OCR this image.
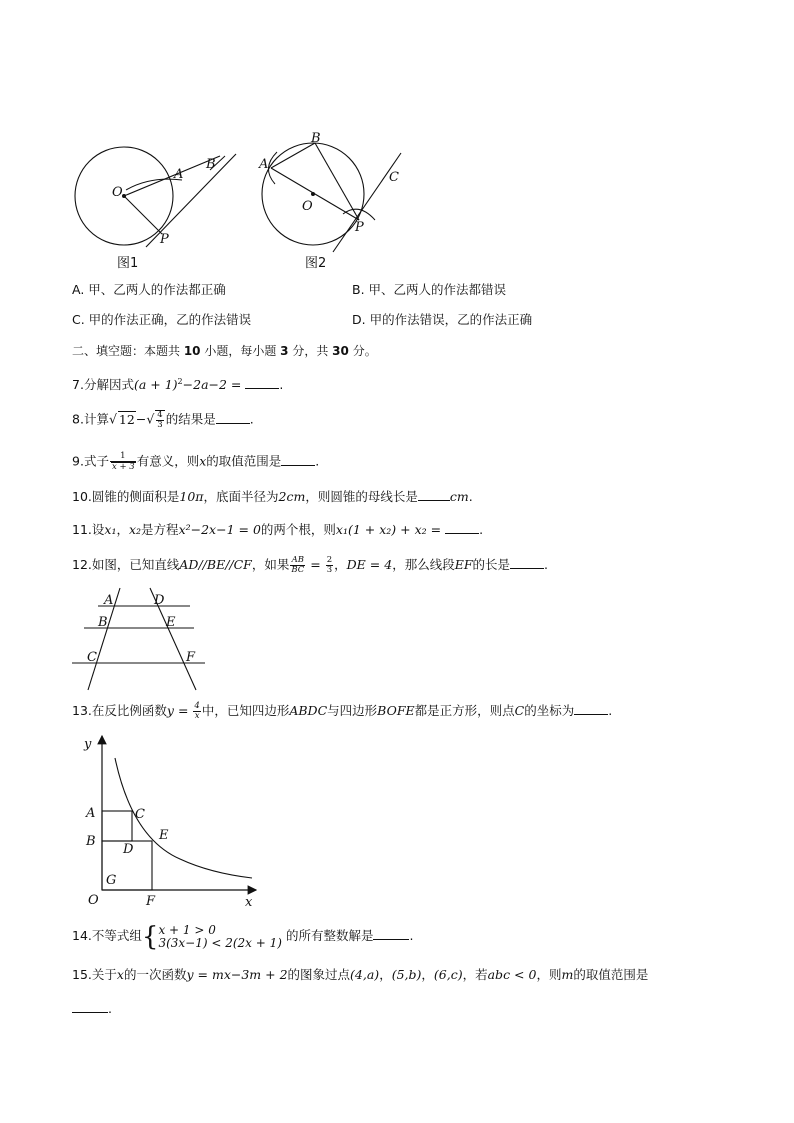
O
A
B
P
图1
B
A
O
C
P
图2
A. 甲、乙两人的作法都正确	B. 甲、乙两人的作法都错误
C. 甲的作法正确，乙的作法错误	D. 甲的作法错误，乙的作法正确
二、填空题：本题共 10 小题，每小题 3 分，共 30 分。
7.分解因式$(a + 1)^2-2a-2$ =	.
8.计算√ $12-√ \frac{4}{3}$ 的结果是	.
9.式子 $\frac{1}{x + 3}$ 有意义，则x的取值范围是	.
10.圆锥的侧面积是10π，底面半径为2cm，则圆锥的母线长是	cm.
11.设x₁，x₂是方程x²−2x−1 = 0的两个根，则x₁(1 + x₂) + x₂ =	.
12.如图，已知直线AD//BE//CF，如果 $\frac{AB}{BC} = \frac{2}{3}$ ，DE = 4，那么线段EF的长是	.
A	D
B	E
C	F
13.在反比例函数$y = \frac{4}{x}$ 中，已知四边形ABDC与四边形BOFE都是正方形，则点C的坐标为	.
y
x
O
A
B
C
D
E
G
F
14.不等式组{ x + 1 > 0
3(3x−1) < 2(2x + 1) 的所有整数解是	.
15.关于x的一次函数y = mx−3m + 2的图象过点(4,a)，(5,b)，(6,c)，若abc < 0，则m的取值范围是
.
